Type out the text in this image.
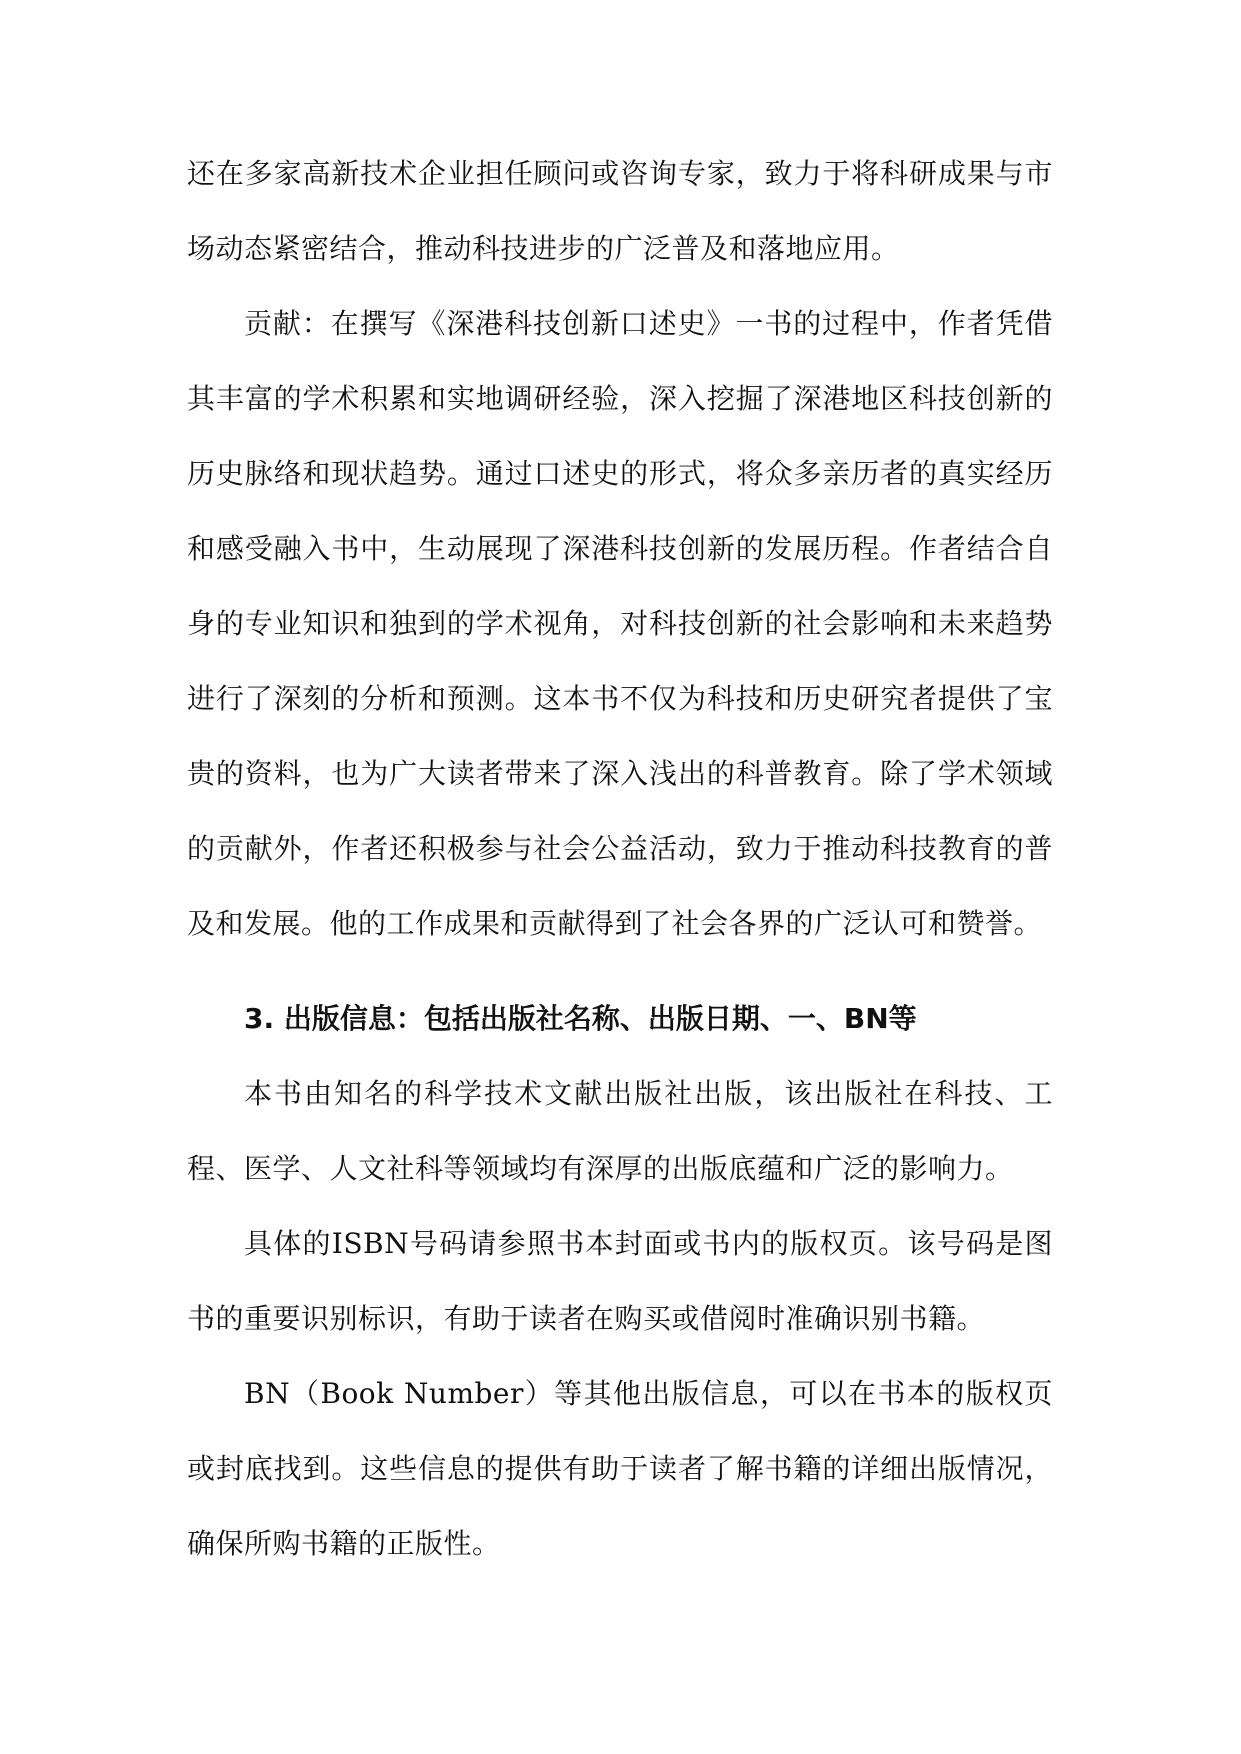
还在多家高新技术企业担任顾问或咨询专家，致力于将科研成果与市场动态紧密结合，推动科技进步的广泛普及和落地应用。

贡献：在撰写《深港科技创新口述史》一书的过程中，作者凭借其丰富的学术积累和实地调研经验，深入挖掘了深港地区科技创新的历史脉络和现状趋势。通过口述史的形式，将众多亲历者的真实经历和感受融入书中，生动展现了深港科技创新的发展历程。作者结合自身的专业知识和独到的学术视角，对科技创新的社会影响和未来趋势进行了深刻的分析和预测。这本书不仅为科技和历史研究者提供了宝贵的资料，也为广大读者带来了深入浅出的科普教育。除了学术领域的贡献外，作者还积极参与社会公益活动，致力于推动科技教育的普及和发展。他的工作成果和贡献得到了社会各界的广泛认可和赞誉。

3. 出版信息：包括出版社名称、出版日期、一、BN等

本书由知名的科学技术文献出版社出版，该出版社在科技、工程、医学、人文社科等领域均有深厚的出版底蕴和广泛的影响力。

具体的ISBN号码请参照书本封面或书内的版权页。该号码是图书的重要识别标识，有助于读者在购买或借阅时准确识别书籍。

BN（Book Number）等其他出版信息，可以在书本的版权页或封底找到。这些信息的提供有助于读者了解书籍的详细出版情况，确保所购书籍的正版性。
